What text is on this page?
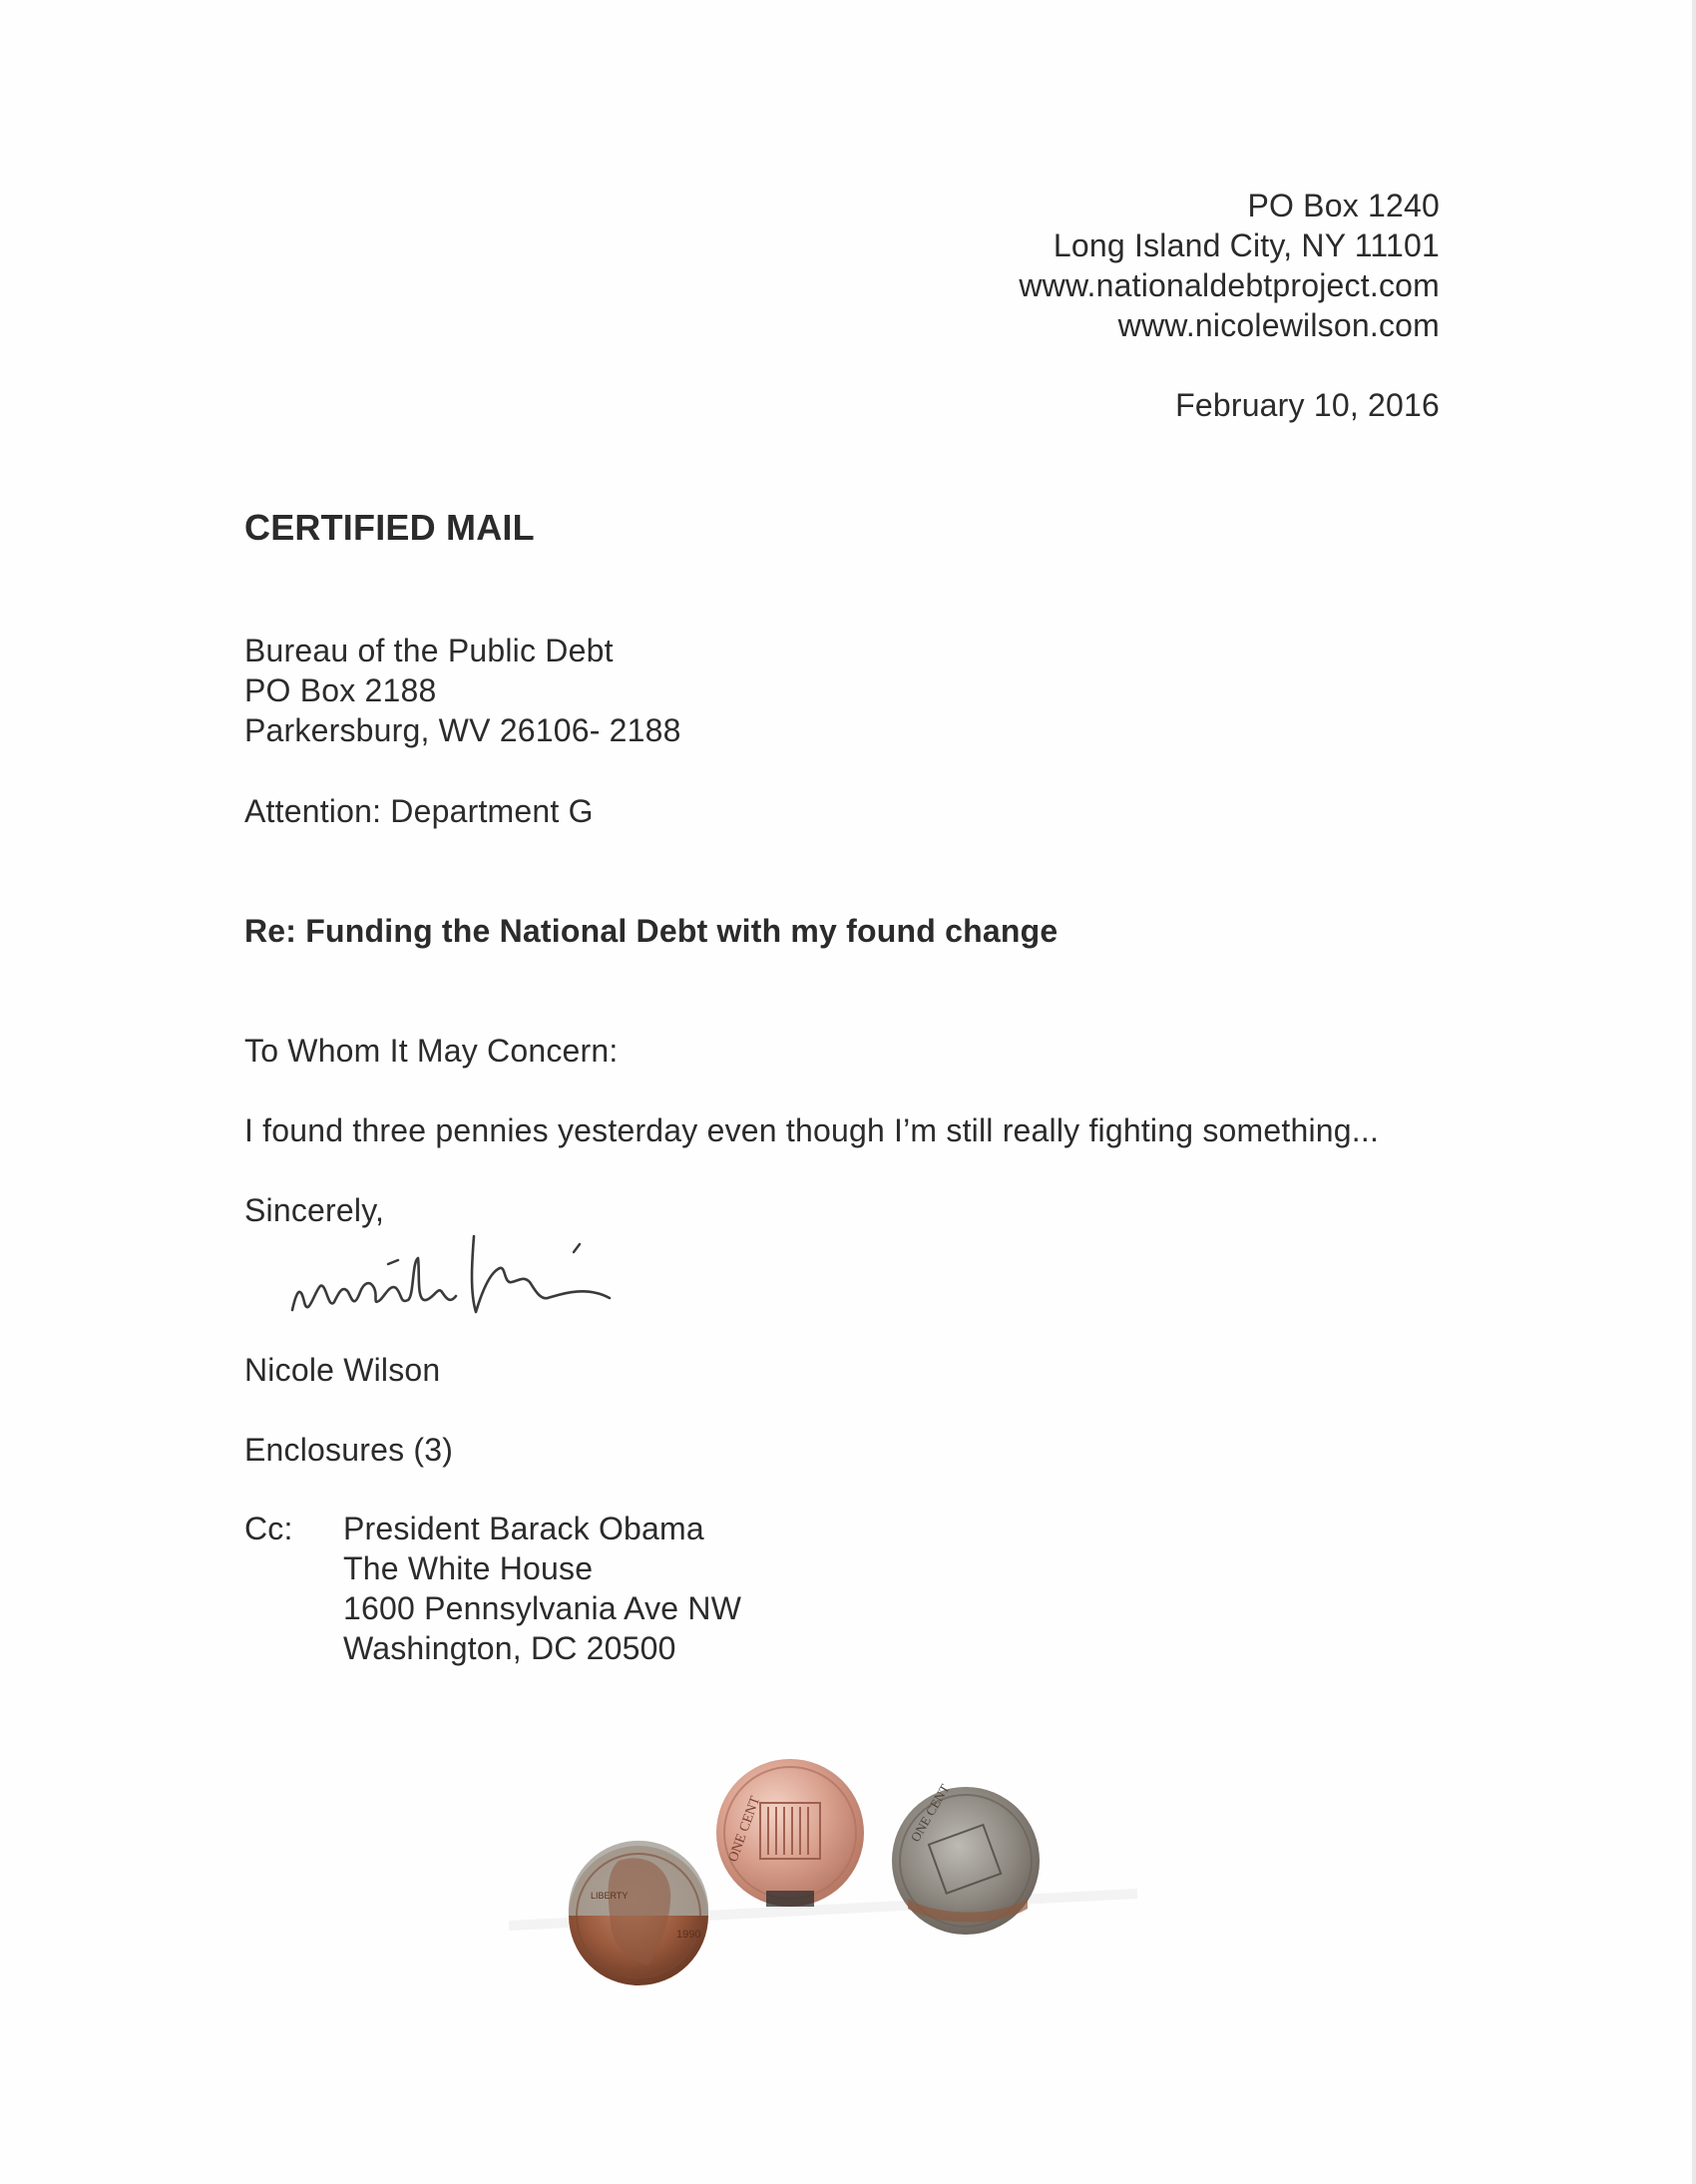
PO Box 1240
Long Island City, NY 11101
www.nationaldebtproject.com
www.nicolewilson.com
February 10, 2016
CERTIFIED MAIL
Bureau of the Public Debt
PO Box 2188
Parkersburg, WV 26106- 2188
Attention: Department G
Re: Funding the National Debt with my found change
To Whom It May Concern:
I found three pennies yesterday even though I’m still really fighting something...
Sincerely,
Nicole Wilson
Enclosures (3)
Cc: President Barack Obama
The White House
1600 Pennsylvania Ave NW
Washington, DC 20500
1990
LIBERTY
ONE CENT	ONE CENT
